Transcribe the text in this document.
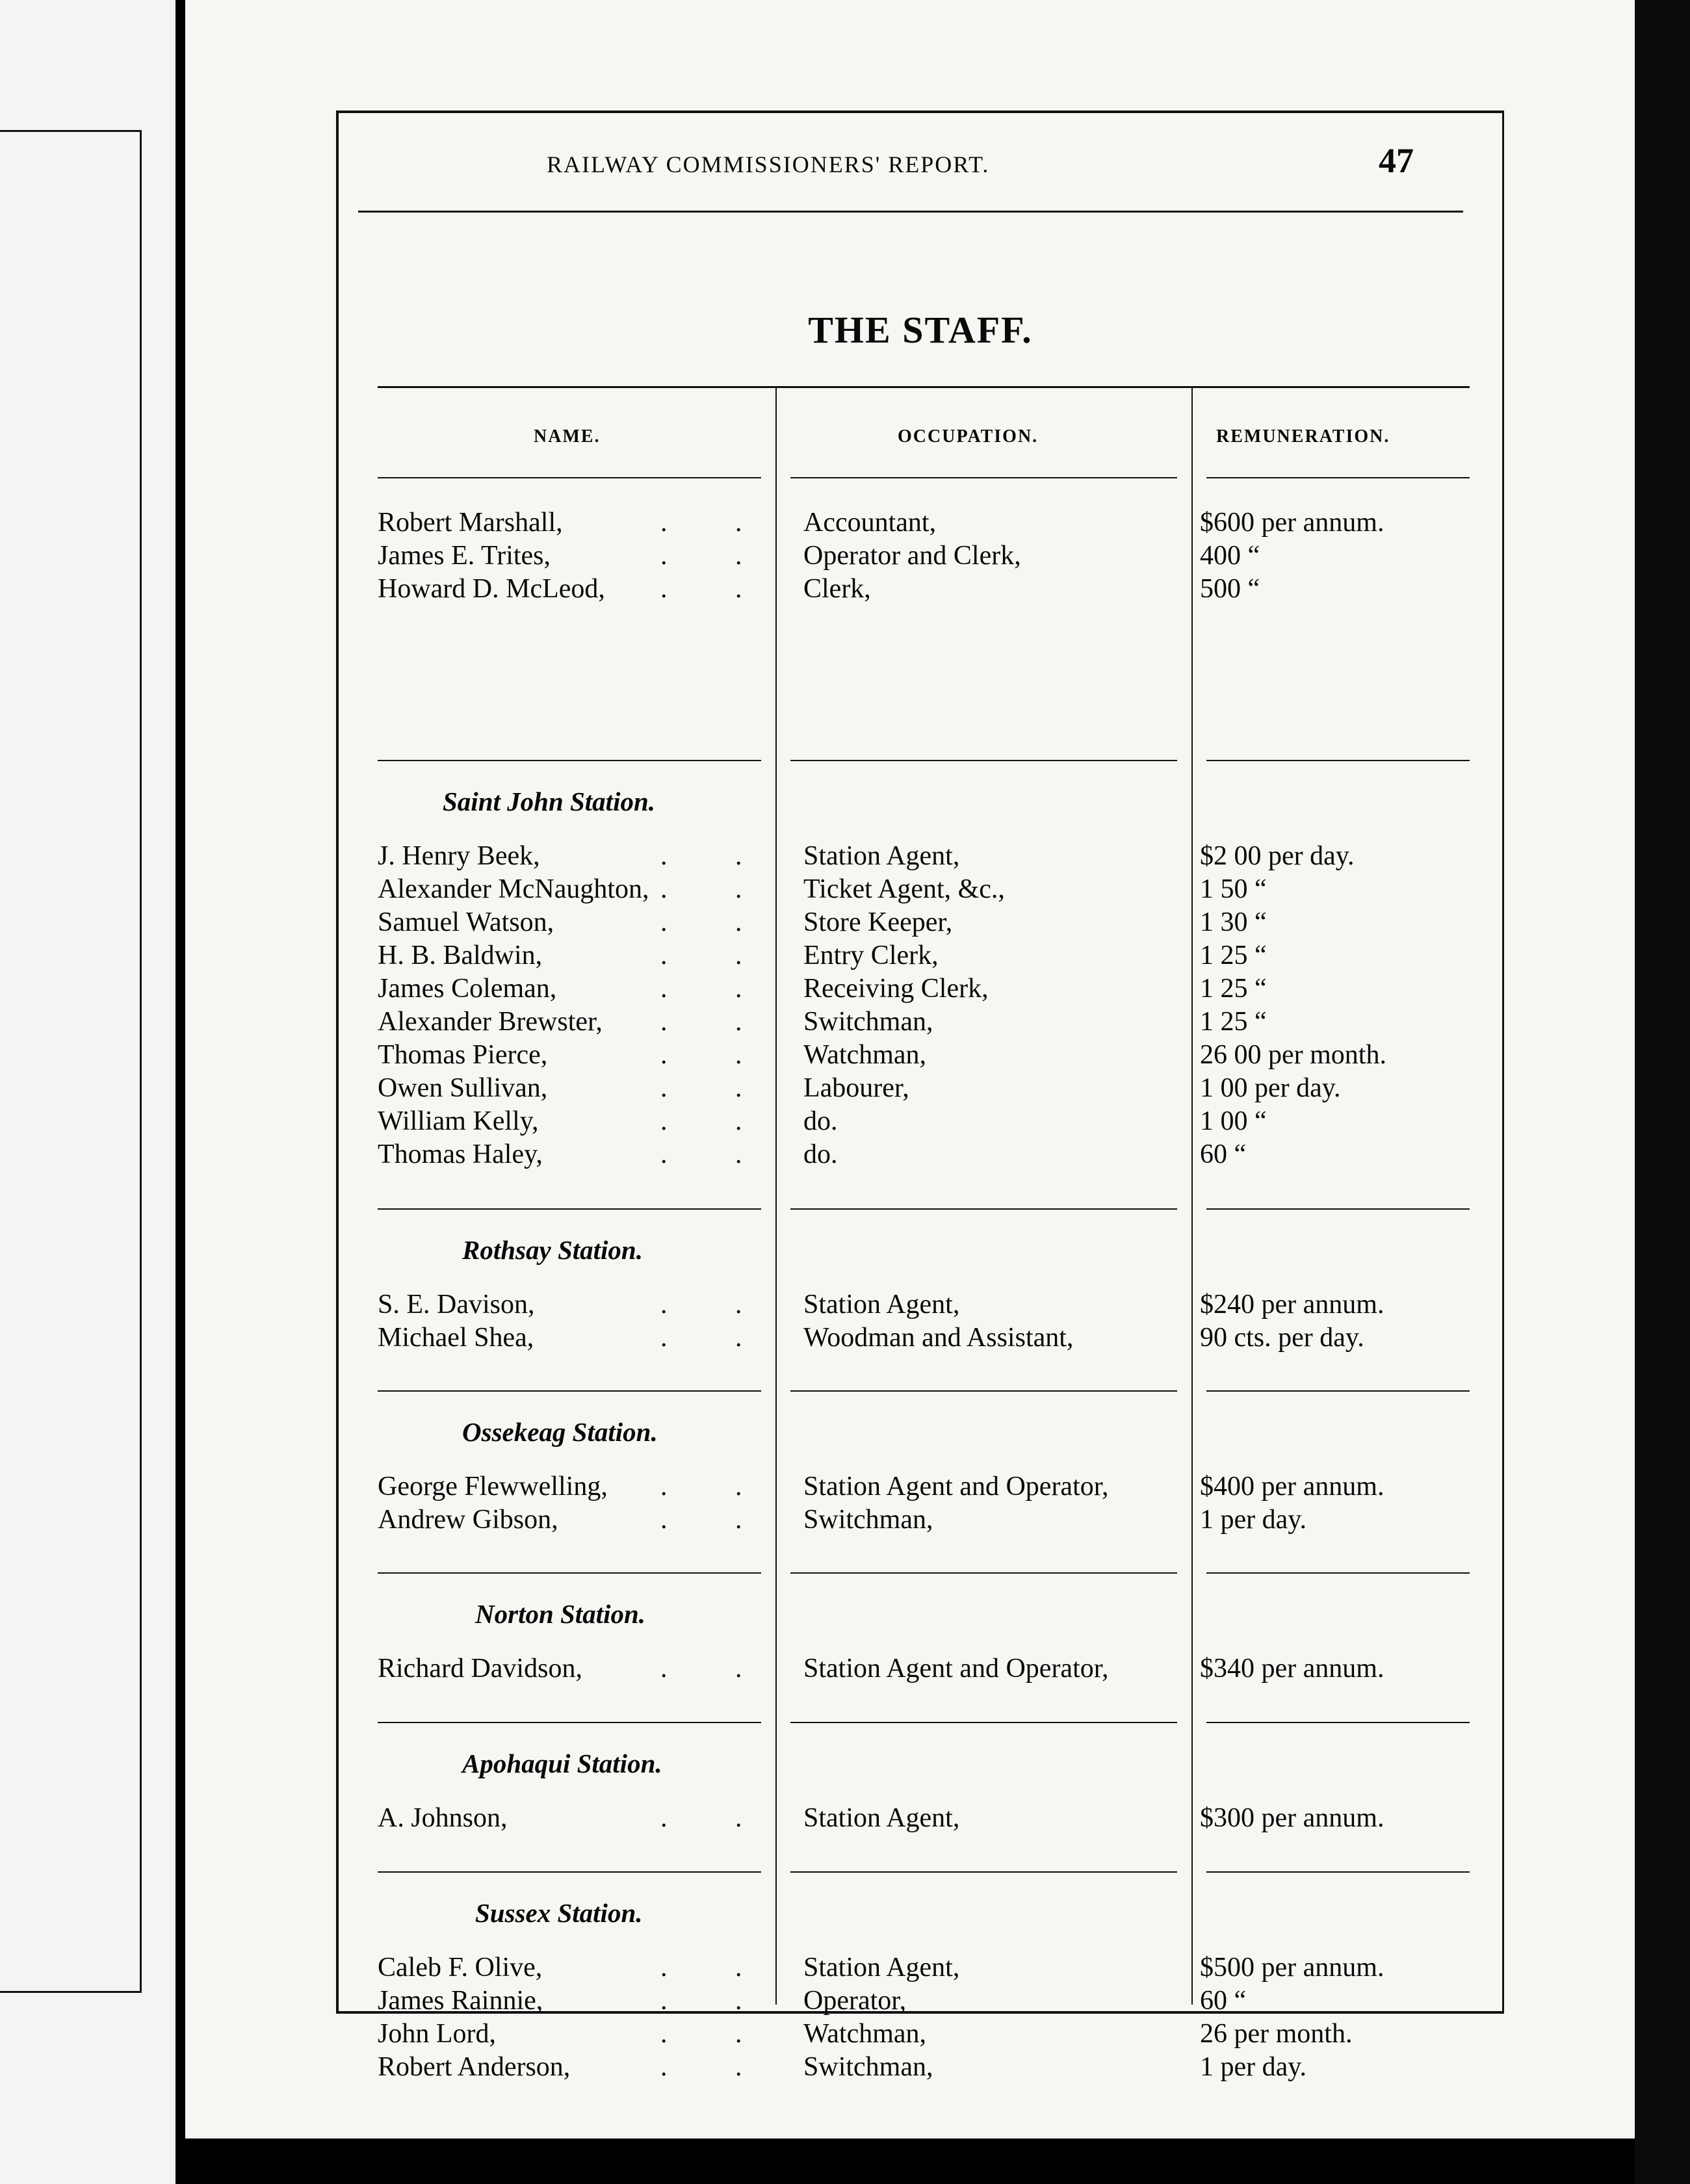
RAILWAY COMMISSIONERS' REPORT.	47
THE STAFF.
NAME.	OCCUPATION.	REMUNERATION.
Robert Marshall,	. . Accountant,	$600 per annum.
James E. Trites,	. . Operator and Clerk,	400 “
Howard D. McLeod, . . Clerk,	500 “
Saint John Station.
J. Henry Beek,	. . Station Agent,	$2 00 per day.
Alexander McNaughton, . . Ticket Agent, &c.,	1 50 “
Samuel Watson,	. . Store Keeper,	1 30 “
H. B. Baldwin,	. . Entry Clerk,	1 25 “
James Coleman,	. . Receiving Clerk,	1 25 “
Alexander Brewster, . . Switchman,	1 25 “
Thomas Pierce,	. . Watchman,	26 00 per month.
Owen Sullivan,	. . Labourer,	1 00 per day.
William Kelly,	. . do.	1 00 “
Thomas Haley,	. . do.	60 “
Rothsay Station.
S. E. Davison,	. . Station Agent,	$240 per annum.
Michael Shea,	. . Woodman and Assistant,	90 cts. per day.
Ossekeag Station.
George Flewwelling, . . Station Agent and Operator,	$400 per annum.
Andrew Gibson,	. . Switchman,	1 per day.
Norton Station.
Richard Davidson,	. . Station Agent and Operator,	$340 per annum.
Apohaqui Station.
A. Johnson,	. . Station Agent,	$300 per annum.
Sussex Station.
Caleb F. Olive,	. . Station Agent,	$500 per annum.
James Rainnie,	. . Operator,	60 “
John Lord,	. . Watchman,	26 per month.
Robert Anderson,	. . Switchman,	1 per day.
